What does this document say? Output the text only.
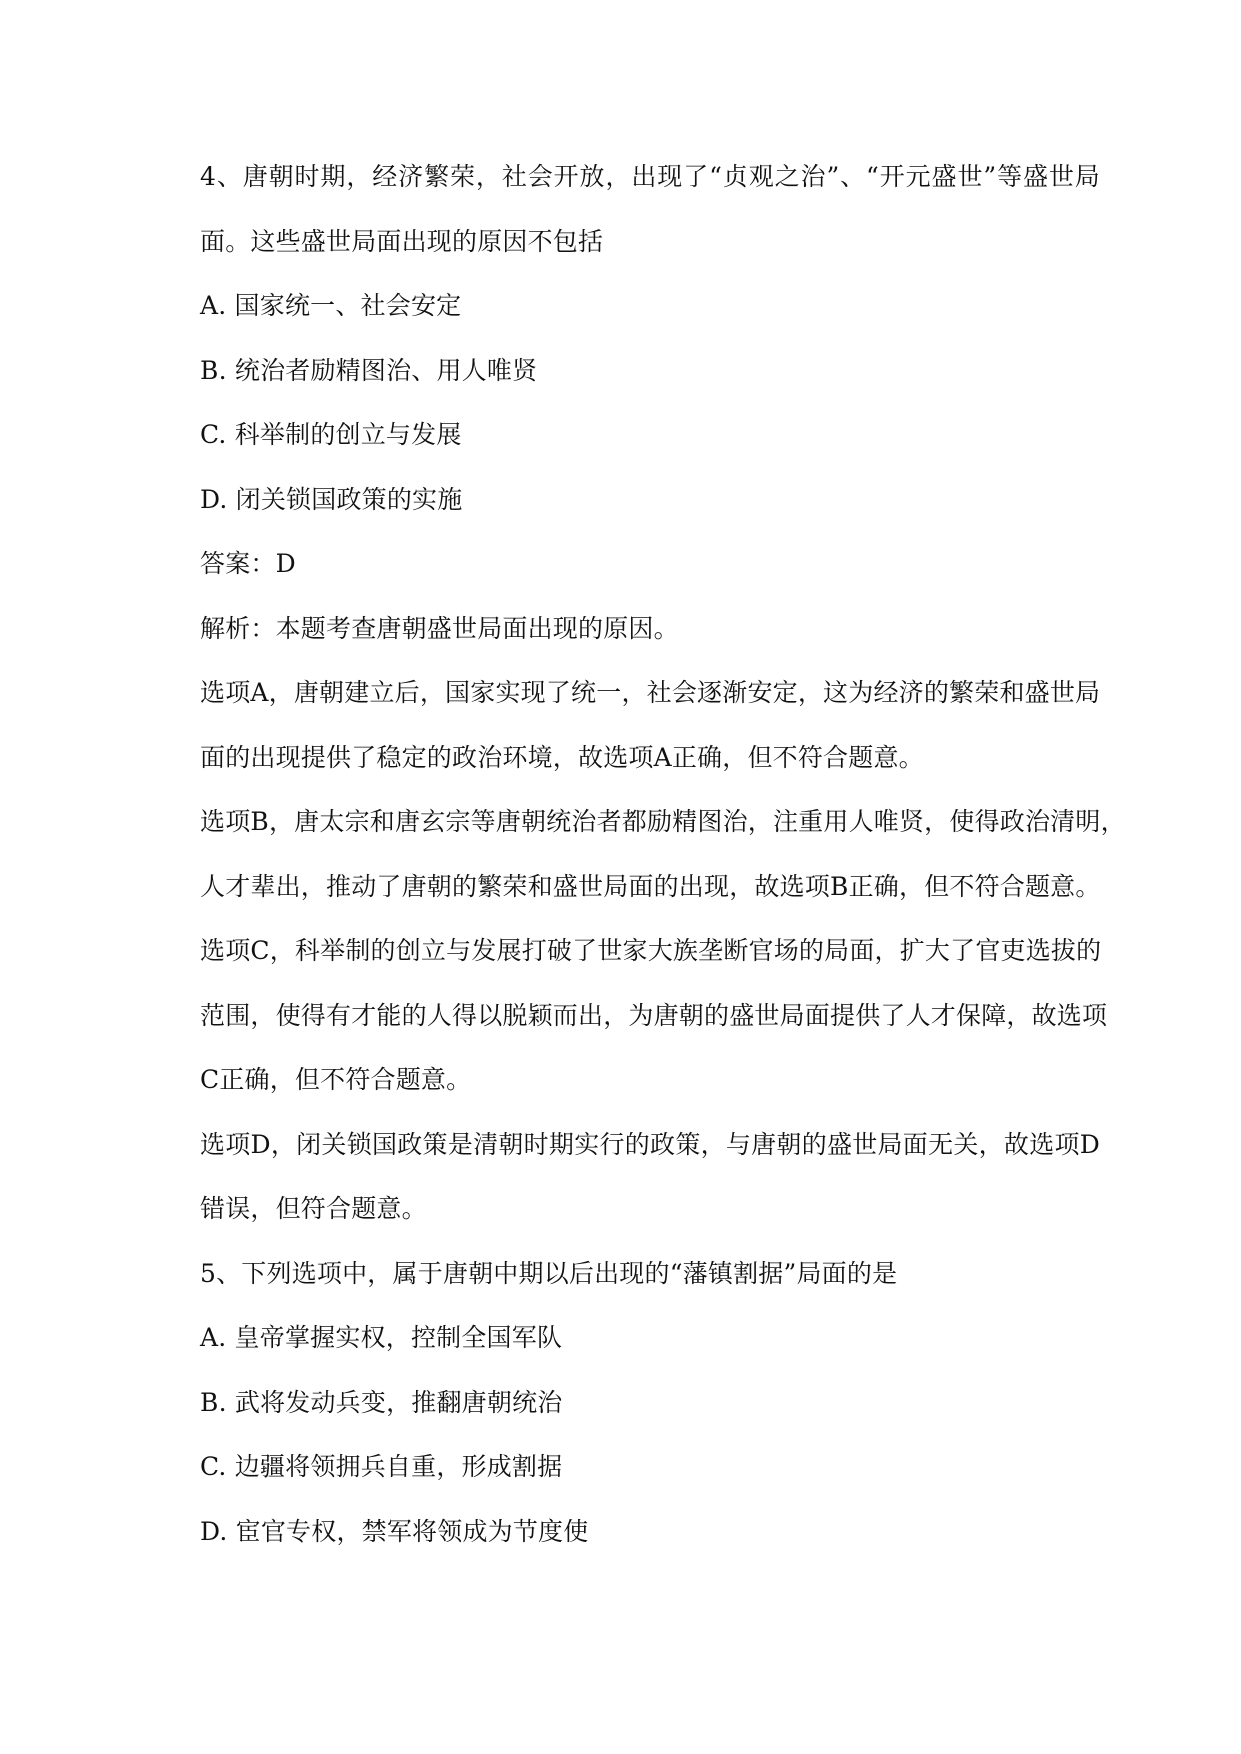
4、唐朝时期，经济繁荣，社会开放，出现了“贞观之治”、“开元盛世”等盛世局
面。这些盛世局面出现的原因不包括
A. 国家统一、社会安定
B. 统治者励精图治、用人唯贤
C. 科举制的创立与发展
D. 闭关锁国政策的实施
答案：D
解析：本题考查唐朝盛世局面出现的原因。
选项A，唐朝建立后，国家实现了统一，社会逐渐安定，这为经济的繁荣和盛世局
面的出现提供了稳定的政治环境，故选项A正确，但不符合题意。
选项B，唐太宗和唐玄宗等唐朝统治者都励精图治，注重用人唯贤，使得政治清明，
人才辈出，推动了唐朝的繁荣和盛世局面的出现，故选项B正确，但不符合题意。
选项C，科举制的创立与发展打破了世家大族垄断官场的局面，扩大了官吏选拔的
范围，使得有才能的人得以脱颖而出，为唐朝的盛世局面提供了人才保障，故选项
C正确，但不符合题意。
选项D，闭关锁国政策是清朝时期实行的政策，与唐朝的盛世局面无关，故选项D
错误，但符合题意。
5、下列选项中，属于唐朝中期以后出现的“藩镇割据”局面的是
A. 皇帝掌握实权，控制全国军队
B. 武将发动兵变，推翻唐朝统治
C. 边疆将领拥兵自重，形成割据
D. 宦官专权，禁军将领成为节度使
